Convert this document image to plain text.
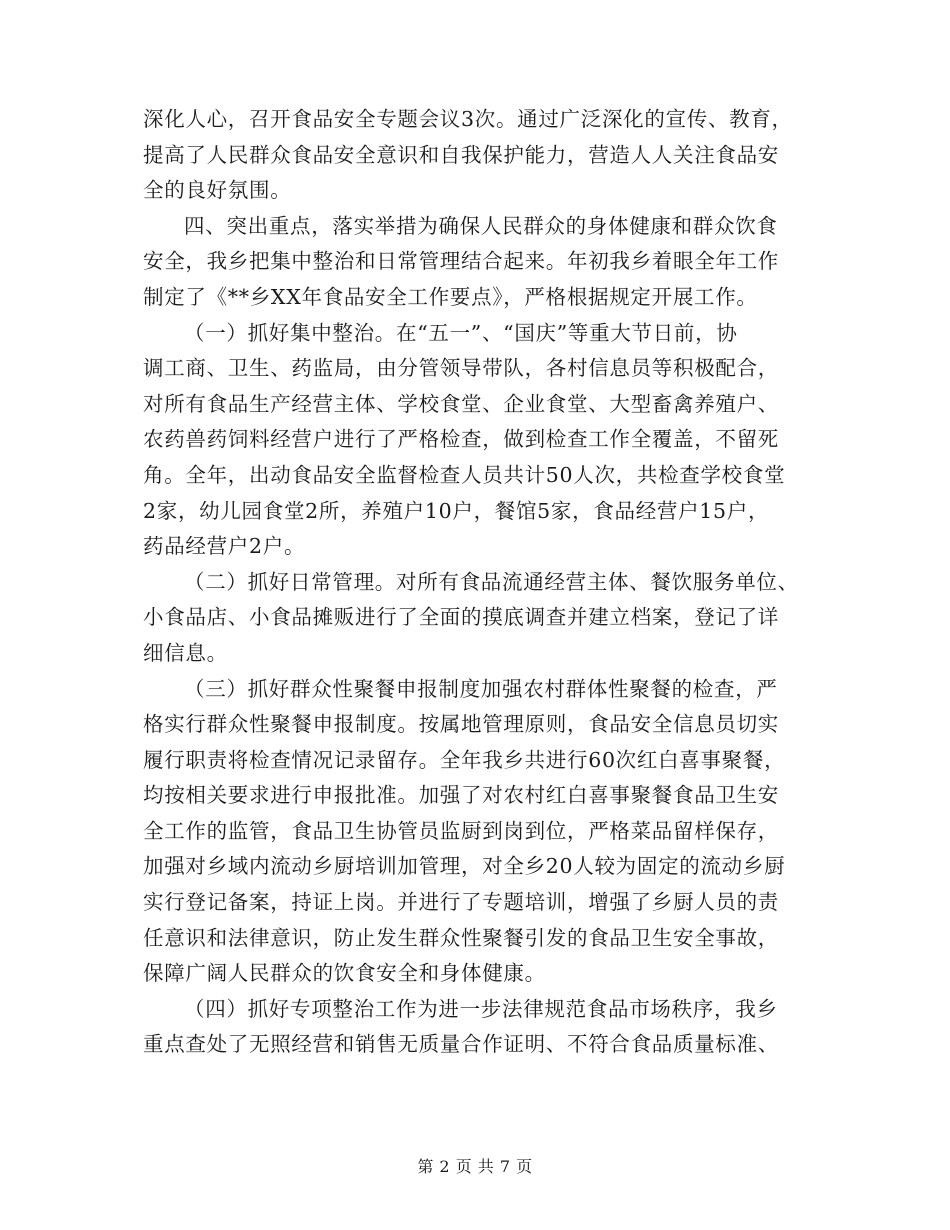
深化人心，召开食品安全专题会议3次。通过广泛深化的宣传、教育，
提高了人民群众食品安全意识和自我保护能力，营造人人关注食品安
全的良好氛围。
四、突出重点，落实举措为确保人民群众的身体健康和群众饮食
安全，我乡把集中整治和日常管理结合起来。年初我乡着眼全年工作
制定了《**乡XX年食品安全工作要点》，严格根据规定开展工作。
（一）抓好集中整治。在“五一”、“国庆”等重大节日前，协
调工商、卫生、药监局，由分管领导带队，各村信息员等积极配合，
对所有食品生产经营主体、学校食堂、企业食堂、大型畜禽养殖户、
农药兽药饲料经营户进行了严格检查，做到检查工作全覆盖，不留死
角。全年，出动食品安全监督检查人员共计50人次，共检查学校食堂
2家，幼儿园食堂2所，养殖户10户，餐馆5家，食品经营户15户，
药品经营户2户。
（二）抓好日常管理。对所有食品流通经营主体、餐饮服务单位、
小食品店、小食品摊贩进行了全面的摸底调查并建立档案，登记了详
细信息。
（三）抓好群众性聚餐申报制度加强农村群体性聚餐的检查，严
格实行群众性聚餐申报制度。按属地管理原则，食品安全信息员切实
履行职责将检查情况记录留存。全年我乡共进行60次红白喜事聚餐，
均按相关要求进行申报批准。加强了对农村红白喜事聚餐食品卫生安
全工作的监管，食品卫生协管员监厨到岗到位，严格菜品留样保存，
加强对乡域内流动乡厨培训加管理，对全乡20人较为固定的流动乡厨
实行登记备案，持证上岗。并进行了专题培训，增强了乡厨人员的责
任意识和法律意识，防止发生群众性聚餐引发的食品卫生安全事故，
保障广阔人民群众的饮食安全和身体健康。
（四）抓好专项整治工作为进一步法律规范食品市场秩序，我乡
重点查处了无照经营和销售无质量合作证明、不符合食品质量标准、
第 2 页 共 7 页
